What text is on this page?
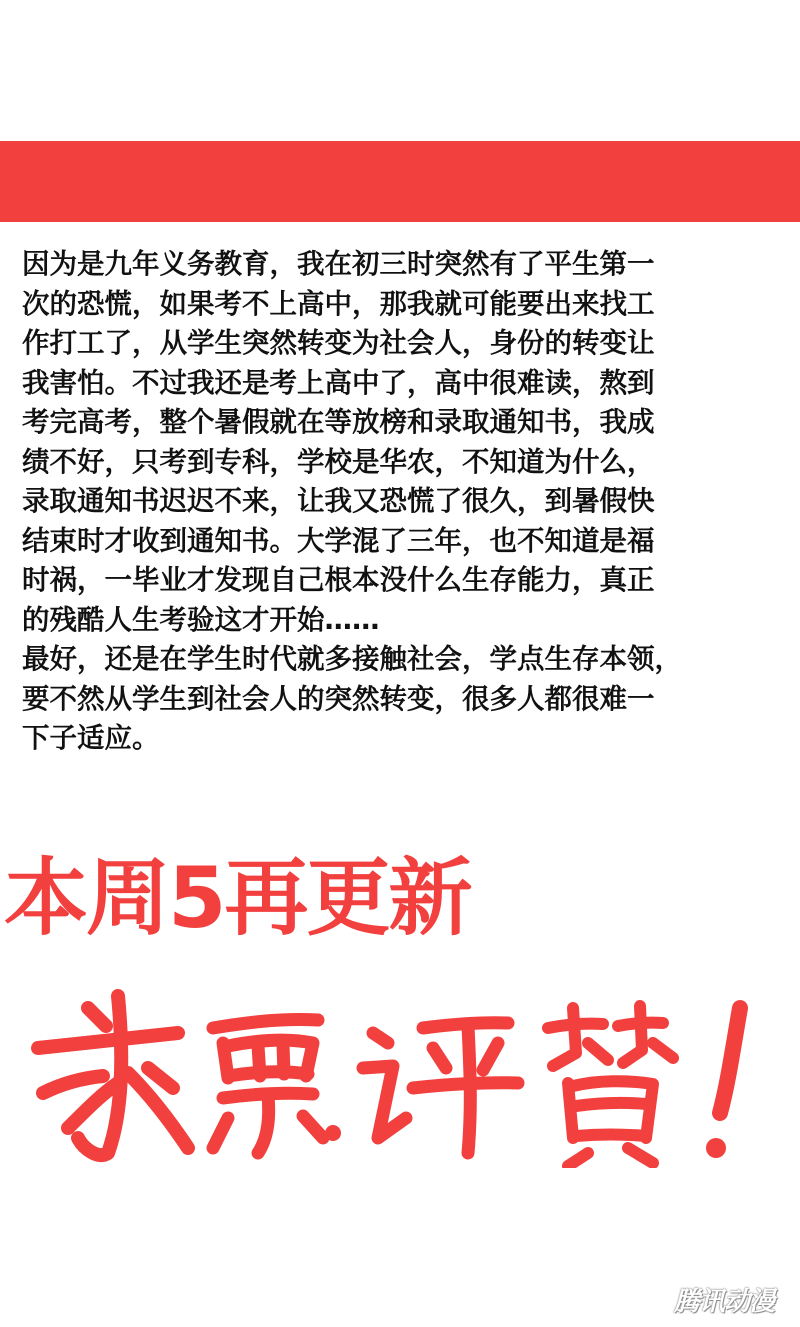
因为是九年义务教育，我在初三时突然有了平生第一
次的恐慌，如果考不上高中，那我就可能要出来找工
作打工了，从学生突然转变为社会人，身份的转变让
我害怕。不过我还是考上高中了，高中很难读，熬到
考完高考，整个暑假就在等放榜和录取通知书，我成
绩不好，只考到专科，学校是华农，不知道为什么，
录取通知书迟迟不来，让我又恐慌了很久，到暑假快
结束时才收到通知书。大学混了三年，也不知道是福
时祸，一毕业才发现自己根本没什么生存能力，真正
的残酷人生考验这才开始……
最好，还是在学生时代就多接触社会，学点生存本领，
要不然从学生到社会人的突然转变，很多人都很难一
下子适应。

本周5再更新
腾讯动漫
